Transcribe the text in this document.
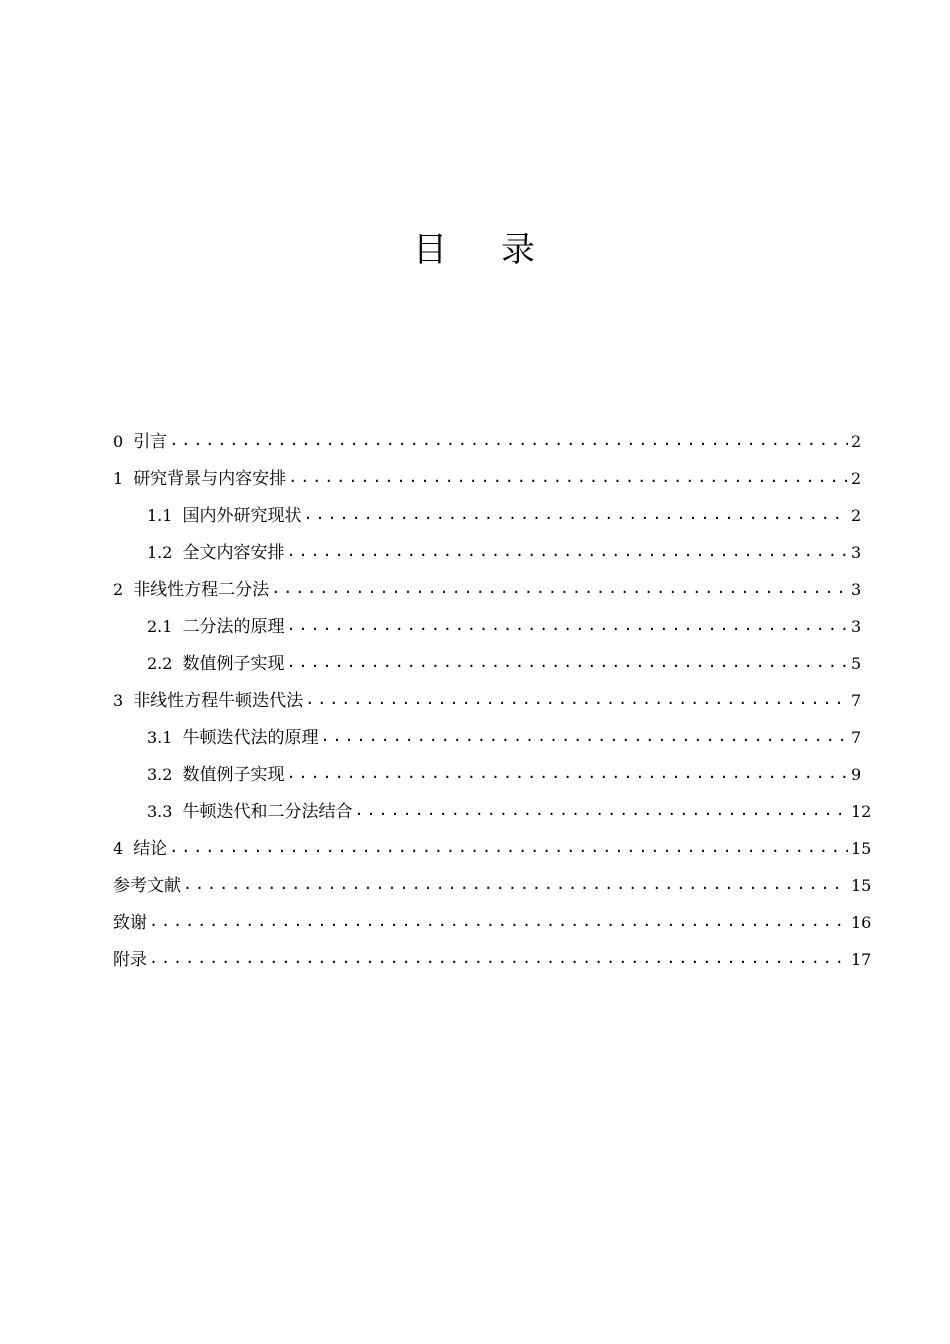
目 录
0 引言 .....	2
1 研究背景与内容安排 .....	2
1.1 国内外研究现状 .....	2
1.2 全文内容安排 .....	3
2 非线性方程二分法 .....	3
2.1 二分法的原理 .....	3
2.2 数值例子实现 .....	5
3 非线性方程牛顿迭代法 .....	7
3.1 牛顿迭代法的原理 .....	7
3.2 数值例子实现 .....	9
3.3 牛顿迭代和二分法结合 .....	12
4 结论 .....	15
参考文献 .....	15
致谢 .....	16
附录 .....	17
